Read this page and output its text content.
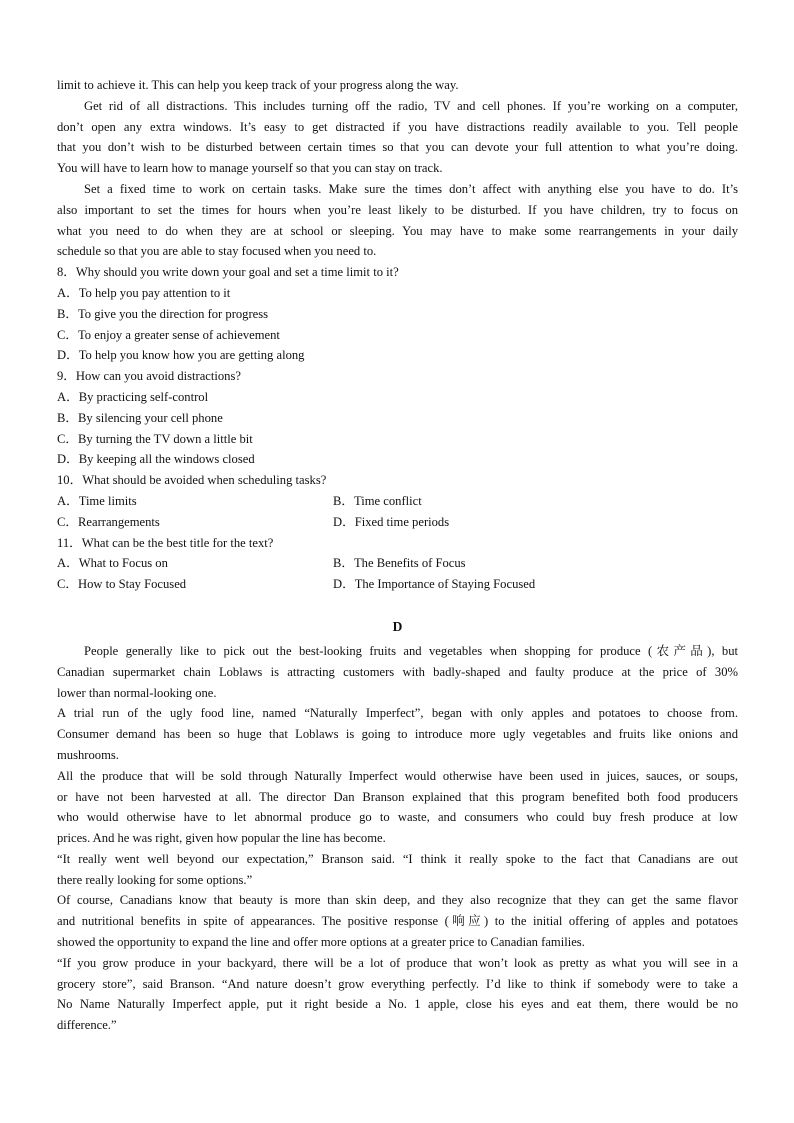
limit to achieve it. This can help you keep track of your progress along the way.
Get rid of all distractions. This includes turning off the radio, TV and cell phones. If you’re working on a computer,
don’t open any extra windows. It’s easy to get distracted if you have distractions readily available to you. Tell people
that you don’t wish to be disturbed between certain times so that you can devote your full attention to what you’re doing.
You will have to learn how to manage yourself so that you can stay on track.
Set a fixed time to work on certain tasks. Make sure the times don’t affect with anything else you have to do. It’s
also important to set the times for hours when you’re least likely to be disturbed. If you have children, try to focus on
what you need to do when they are at school or sleeping. You may have to make some rearrangements in your daily
schedule so that you are able to stay focused when you need to.
8．Why should you write down your goal and set a time limit to it?
A．To help you pay attention to it
B．To give you the direction for progress
C．To enjoy a greater sense of achievement
D．To help you know how you are getting along
9．How can you avoid distractions?
A．By practicing self-control
B．By silencing your cell phone
C．By turning the TV down a little bit
D．By keeping all the windows closed
10．What should be avoided when scheduling tasks?
A．Time limits	B．Time conflict
C．Rearrangements	D．Fixed time periods
11．What can be the best title for the text?
A．What to Focus on	B．The Benefits of Focus
C．How to Stay Focused	D．The Importance of Staying Focused
D
People generally like to pick out the best-looking fruits and vegetables when shopping for produce (农产品), but
Canadian supermarket chain Loblaws is attracting customers with badly-shaped and faulty produce at the price of 30%
lower than normal-looking one.
A trial run of the ugly food line, named “Naturally Imperfect”, began with only apples and potatoes to choose from.
Consumer demand has been so huge that Loblaws is going to introduce more ugly vegetables and fruits like onions and
mushrooms.
All the produce that will be sold through Naturally Imperfect would otherwise have been used in juices, sauces, or soups,
or have not been harvested at all. The director Dan Branson explained that this program benefited both food producers
who would otherwise have to let abnormal produce go to waste, and consumers who could buy fresh produce at low
prices. And he was right, given how popular the line has become.
“It really went well beyond our expectation,” Branson said. “I think it really spoke to the fact that Canadians are out
there really looking for some options.”
Of course, Canadians know that beauty is more than skin deep, and they also recognize that they can get the same flavor
and nutritional benefits in spite of appearances. The positive response (响应) to the initial offering of apples and potatoes
showed the opportunity to expand the line and offer more options at a greater price to Canadian families.
“If you grow produce in your backyard, there will be a lot of produce that won’t look as pretty as what you will see in a
grocery store”, said Branson. “And nature doesn’t grow everything perfectly. I’d like to think if somebody were to take a
No Name Naturally Imperfect apple, put it right beside a No. 1 apple, close his eyes and eat them, there would be no
difference.”
